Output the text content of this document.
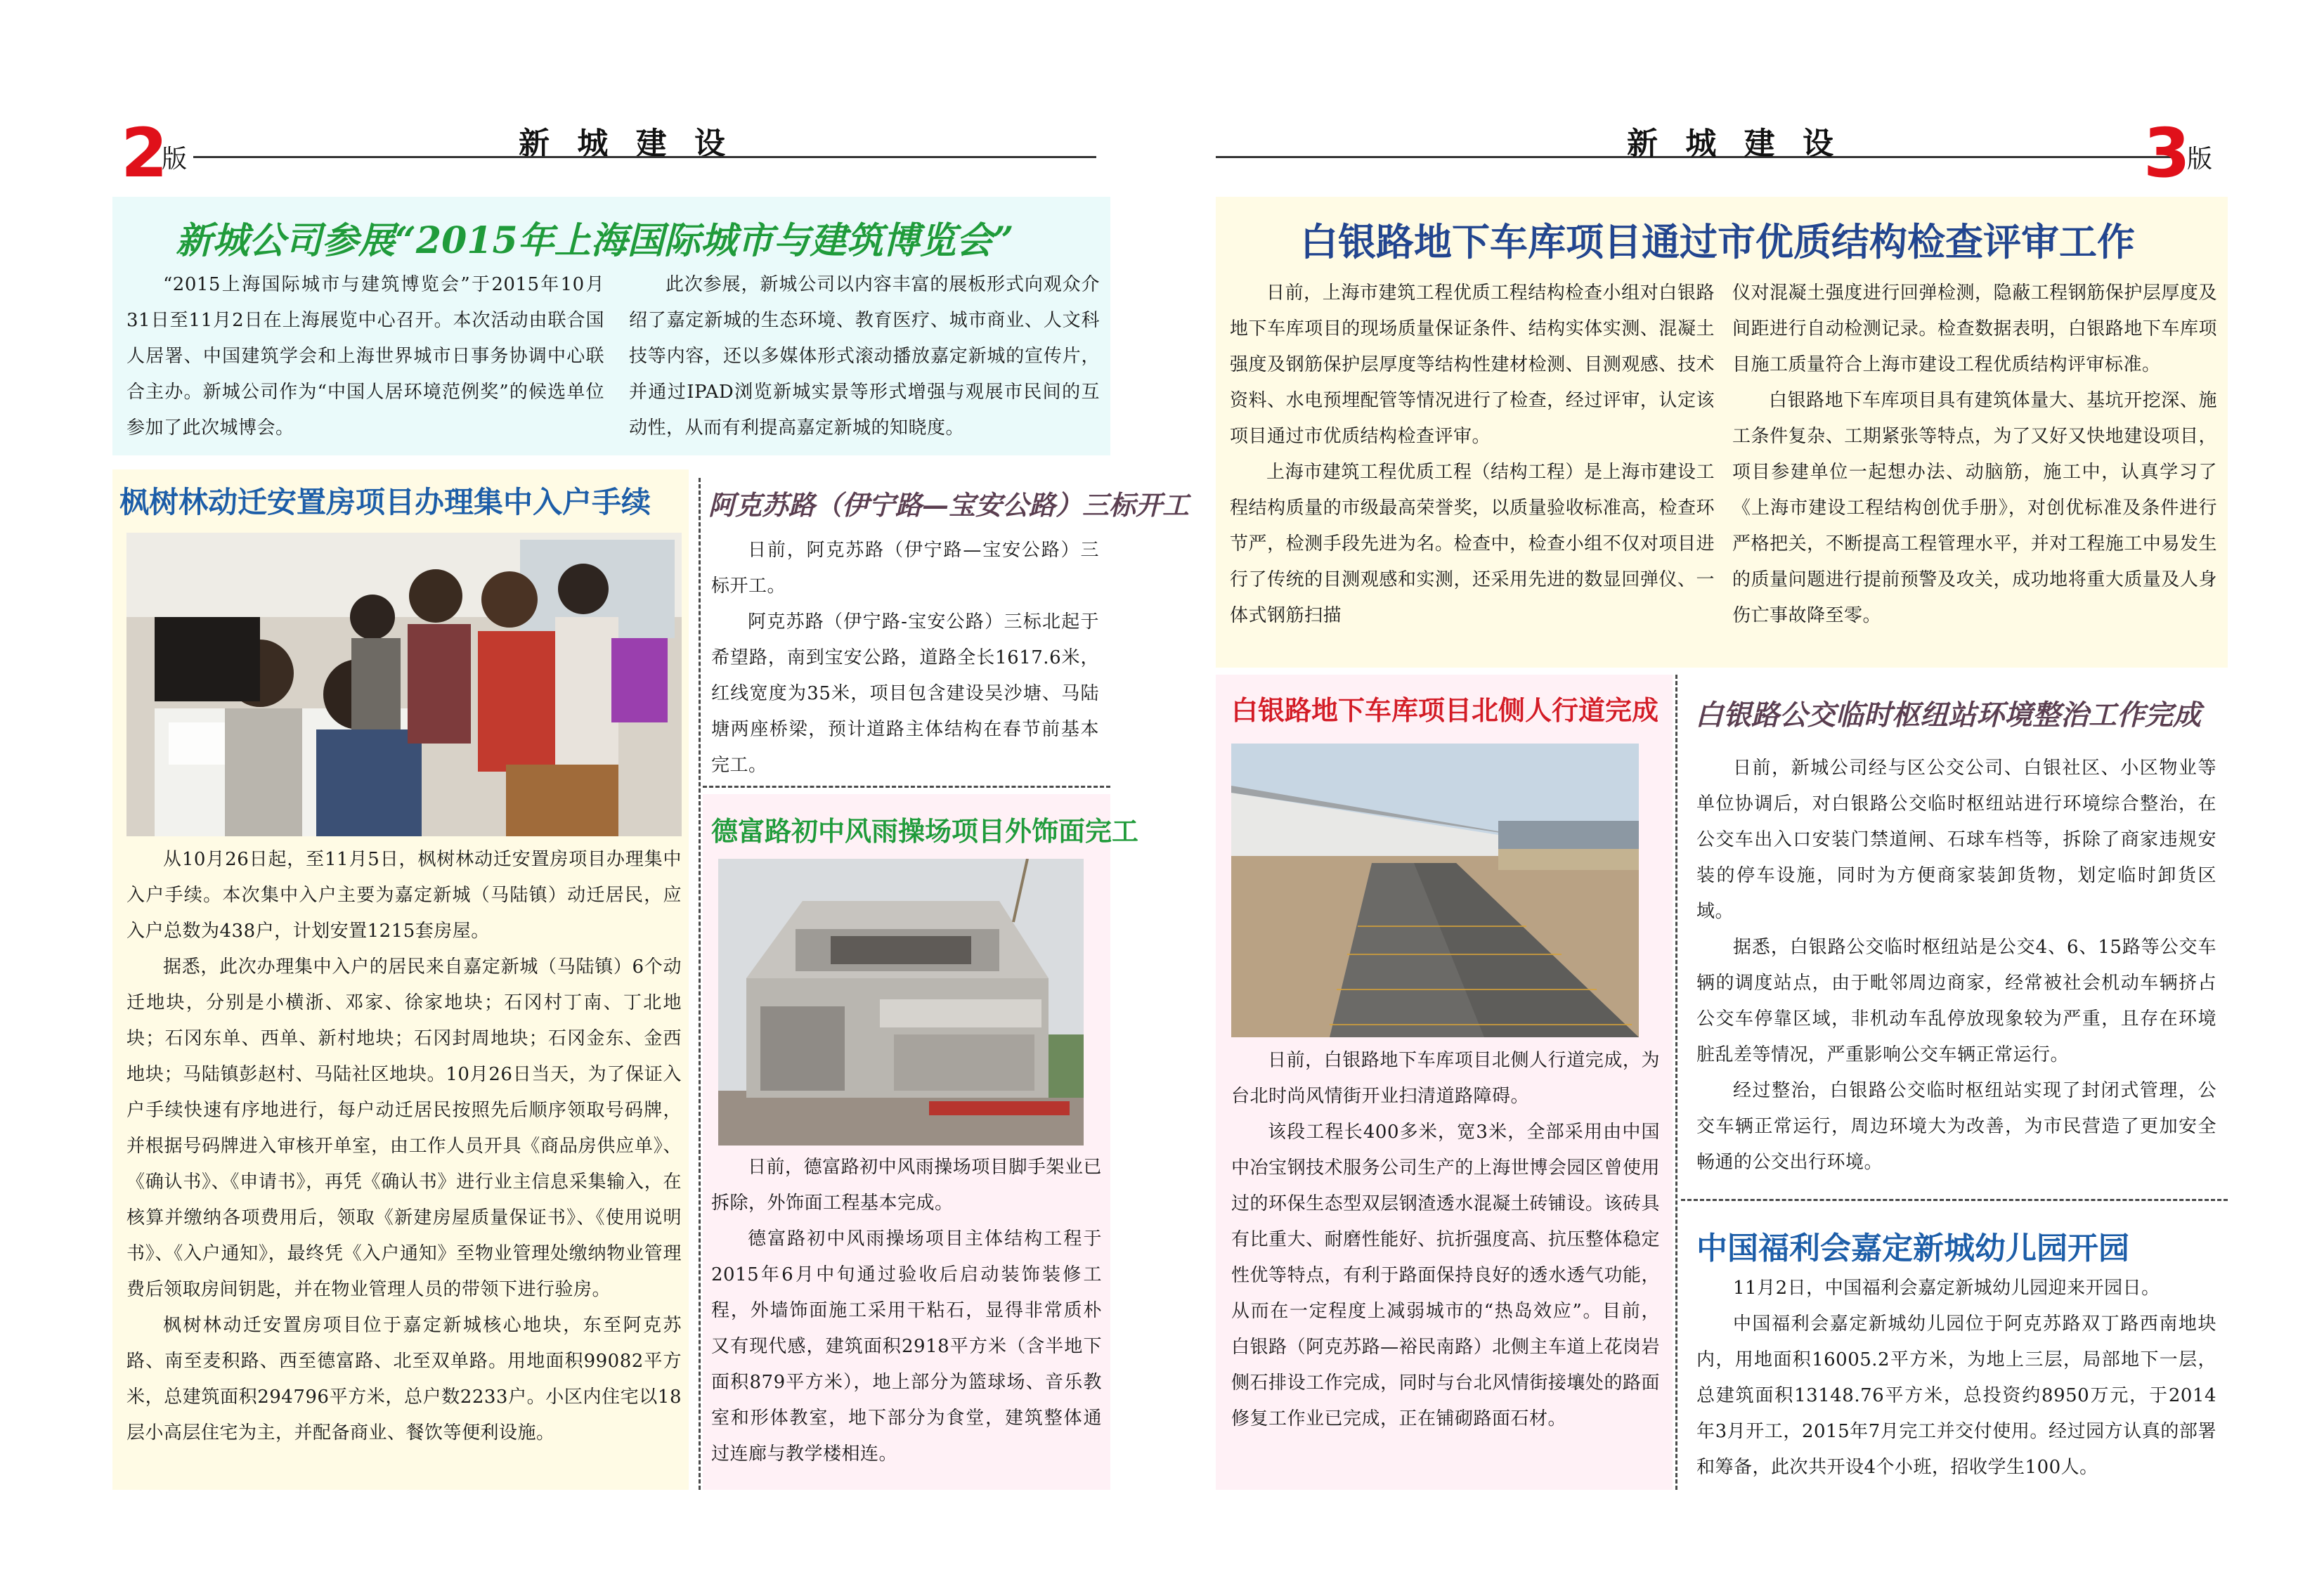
2
版	新 城 建 设
新城公司参展“2015年上海国际城市与建筑博览会”

“2015上海国际城市与建筑博览会”于2015年10月31日至11月2日在上海展览中心召开。本次活动由联合国人居署、中国建筑学会和上海世界城市日事务协调中心联合主办。新城公司作为“中国人居环境范例奖”的候选单位参加了此次城博会。

此次参展，新城公司以内容丰富的展板形式向观众介绍了嘉定新城的生态环境、教育医疗、城市商业、人文科技等内容，还以多媒体形式滚动播放嘉定新城的宣传片，并通过IPAD浏览新城实景等形式增强与观展市民间的互动性，从而有利提高嘉定新城的知晓度。

枫树林动迁安置房项目办理集中入户手续

从10月26日起，至11月5日，枫树林动迁安置房项目办理集中入户手续。本次集中入户主要为嘉定新城（马陆镇）动迁居民，应入户总数为438户，计划安置1215套房屋。

据悉，此次办理集中入户的居民来自嘉定新城（马陆镇）6个动迁地块，分别是小横浙、邓家、徐家地块；石冈村丁南、丁北地块；石冈东单、西单、新村地块；石冈封周地块；石冈金东、金西地块；马陆镇彭赵村、马陆社区地块。10月26日当天，为了保证入户手续快速有序地进行，每户动迁居民按照先后顺序领取号码牌，并根据号码牌进入审核开单室，由工作人员开具《商品房供应单》、《确认书》、《申请书》，再凭《确认书》进行业主信息采集输入，在核算并缴纳各项费用后，领取《新建房屋质量保证书》、《使用说明书》、《入户通知》，最终凭《入户通知》至物业管理处缴纳物业管理费后领取房间钥匙，并在物业管理人员的带领下进行验房。

枫树林动迁安置房项目位于嘉定新城核心地块，东至阿克苏路、南至麦积路、西至德富路、北至双单路。用地面积99082平方米，总建筑面积294796平方米，总户数2233户。小区内住宅以18层小高层住宅为主，并配备商业、餐饮等便利设施。

阿克苏路（伊宁路—宝安公路）三标开工

日前，阿克苏路（伊宁路—宝安公路）三标开工。

阿克苏路（伊宁路-宝安公路）三标北起于希望路，南到宝安公路，道路全长1617.6米，红线宽度为35米，项目包含建设吴沙塘、马陆塘两座桥梁，预计道路主体结构在春节前基本完工。

德富路初中风雨操场项目外饰面完工

日前，德富路初中风雨操场项目脚手架业已拆除，外饰面工程基本完成。

德富路初中风雨操场项目主体结构工程于2015年6月中旬通过验收后启动装饰装修工程，外墙饰面施工采用干粘石，显得非常质朴又有现代感，建筑面积2918平方米（含半地下面积879平方米），地上部分为篮球场、音乐教室和形体教室，地下部分为食堂，建筑整体通过连廊与教学楼相连。

新 城 建 设	3
版
白银路地下车库项目通过市优质结构检查评审工作

日前，上海市建筑工程优质工程结构检查小组对白银路地下车库项目的现场质量保证条件、结构实体实测、混凝土强度及钢筋保护层厚度等结构性建材检测、目测观感、技术资料、水电预埋配管等情况进行了检查，经过评审，认定该项目通过市优质结构检查评审。

上海市建筑工程优质工程（结构工程）是上海市建设工程结构质量的市级最高荣誉奖，以质量验收标准高，检查环节严，检测手段先进为名。检查中，检查小组不仅对项目进行了传统的目测观感和实测，还采用先进的数显回弹仪、一体式钢筋扫描

仪对混凝土强度进行回弹检测，隐蔽工程钢筋保护层厚度及间距进行自动检测记录。检查数据表明，白银路地下车库项目施工质量符合上海市建设工程优质结构评审标准。

白银路地下车库项目具有建筑体量大、基坑开挖深、施工条件复杂、工期紧张等特点，为了又好又快地建设项目，项目参建单位一起想办法、动脑筋，施工中，认真学习了《上海市建设工程结构创优手册》，对创优标准及条件进行严格把关，不断提高工程管理水平，并对工程施工中易发生的质量问题进行提前预警及攻关，成功地将重大质量及人身伤亡事故降至零。

白银路地下车库项目北侧人行道完成

日前，白银路地下车库项目北侧人行道完成，为台北时尚风情街开业扫清道路障碍。

该段工程长400多米，宽3米，全部采用由中国中冶宝钢技术服务公司生产的上海世博会园区曾使用过的环保生态型双层钢渣透水混凝土砖铺设。该砖具有比重大、耐磨性能好、抗折强度高、抗压整体稳定性优等特点，有利于路面保持良好的透水透气功能，从而在一定程度上减弱城市的“热岛效应”。目前，白银路（阿克苏路—裕民南路）北侧主车道上花岗岩侧石排设工作完成，同时与台北风情街接壤处的路面修复工作业已完成，正在铺砌路面石材。

白银路公交临时枢纽站环境整治工作完成

日前，新城公司经与区公交公司、白银社区、小区物业等单位协调后，对白银路公交临时枢纽站进行环境综合整治，在公交车出入口安装门禁道闸、石球车档等，拆除了商家违规安装的停车设施，同时为方便商家装卸货物，划定临时卸货区域。

据悉，白银路公交临时枢纽站是公交4、6、15路等公交车辆的调度站点，由于毗邻周边商家，经常被社会机动车辆挤占公交车停靠区域，非机动车乱停放现象较为严重，且存在环境脏乱差等情况，严重影响公交车辆正常运行。

经过整治，白银路公交临时枢纽站实现了封闭式管理，公交车辆正常运行，周边环境大为改善，为市民营造了更加安全畅通的公交出行环境。

中国福利会嘉定新城幼儿园开园

11月2日，中国福利会嘉定新城幼儿园迎来开园日。

中国福利会嘉定新城幼儿园位于阿克苏路双丁路西南地块内，用地面积16005.2平方米，为地上三层，局部地下一层，总建筑面积13148.76平方米，总投资约8950万元，于2014年3月开工，2015年7月完工并交付使用。经过园方认真的部署和筹备，此次共开设4个小班，招收学生100人。
